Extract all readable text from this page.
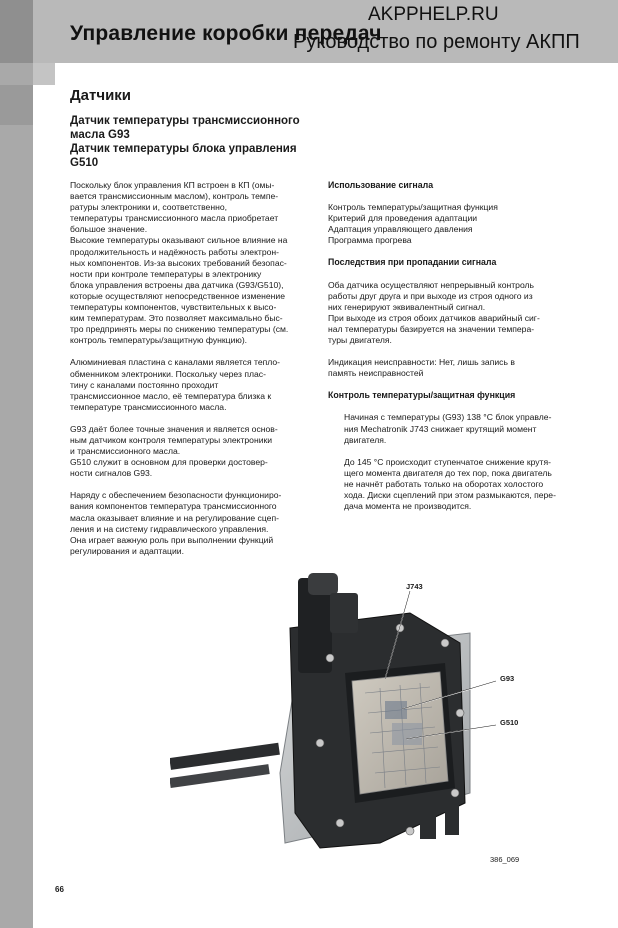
Управление коробки передач
AKPPHELP.RU
Руководство по ремонту АКПП
Датчики
Датчик температуры трансмиссионного масла G93
Датчик температуры блока управления G510

Поскольку блок управления КП встроен в КП (омы-
вается трансмиссионным маслом), контроль темпе-
ратуры электроники и, соответственно,
температуры трансмиссионного масла приобретает
большое значение.

Высокие температуры оказывают сильное влияние на
продолжительность и надёжность работы электрон-
ных компонентов. Из-за высоких требований безопас-
ности при контроле температуры в электронику
блока управления встроены два датчика (G93/G510),
которые осуществляют непосредственное изменение
температуры компонентов, чувствительных к высо-
ким температурам. Это позволяет максимально быс-
тро предпринять меры по снижению температуры (см.
контроль температуры/защитную функцию).

Алюминиевая пластина с каналами является тепло-
обменником электроники. Поскольку через плас-
тину с каналами постоянно проходит
трансмиссионное масло, её температура близка к
температуре трансмиссионного масла.

G93 даёт более точные значения и является основ-
ным датчиком контроля температуры электроники
и трансмиссионного масла.

G510 служит в основном для проверки достовер-
ности сигналов G93.

Наряду с обеспечением безопасности функциониро-
вания компонентов температура трансмиссионного
масла оказывает влияние и на регулирование сцеп-
ления и на систему гидравлического управления.
Она играет важную роль при выполнении функций
регулирования и адаптации.

Использование сигнала
Контроль температуры/защитная функция
Критерий для проведения адаптации
Адаптация управляющего давления
Программа прогрева
Последствия при пропадании сигнала

Оба датчика осуществляют непрерывный контроль
работы друг друга и при выходе из строя одного из
них генерируют эквивалентный сигнал.

При выходе из строя обоих датчиков аварийный сиг-
нал температуры базируется на значении темпера-
туры двигателя.

Индикация неисправности: Нет, лишь запись в
память неисправностей

Контроль температуры/защитная функция

Начиная с температуры (G93) 138 °C блок управле-
ния Mechatronik J743 снижает крутящий момент
двигателя.

До 145 °C происходит ступенчатое снижение крутя-
щего момента двигателя до тех пор, пока двигатель
не начнёт работать только на оборотах холостого
хода. Диски сцеплений при этом размыкаются, пере-
дача момента не производится.

J743
G93
G510
386_069
66
